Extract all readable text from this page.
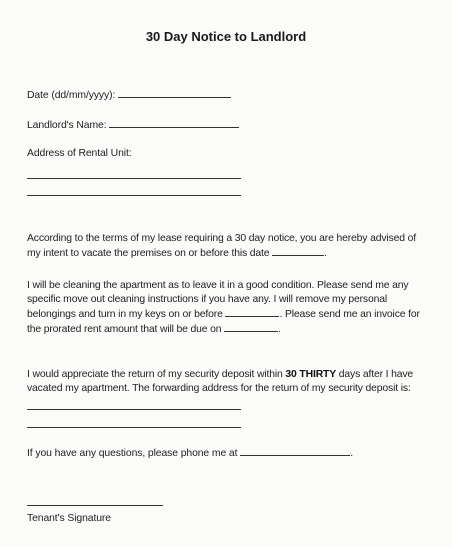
30 Day Notice to Landlord
Date (dd/mm/yyyy):
Landlord's Name:
Address of Rental Unit:
According to the terms of my lease requiring a 30 day notice, you are hereby advised of my intent to vacate the premises on or before this date	.
I will be cleaning the apartment as to leave it in a good condition. Please send me any specific move out cleaning instructions if you have any. I will remove my personal belongings and turn in my keys on or before	. Please send me an invoice for the prorated rent amount that will be due on	.
I would appreciate the return of my security deposit within 30 THIRTY days after I have vacated my apartment. The forwarding address for the return of my security deposit is:
If you have any questions, please phone me at	.
Tenant's Signature
